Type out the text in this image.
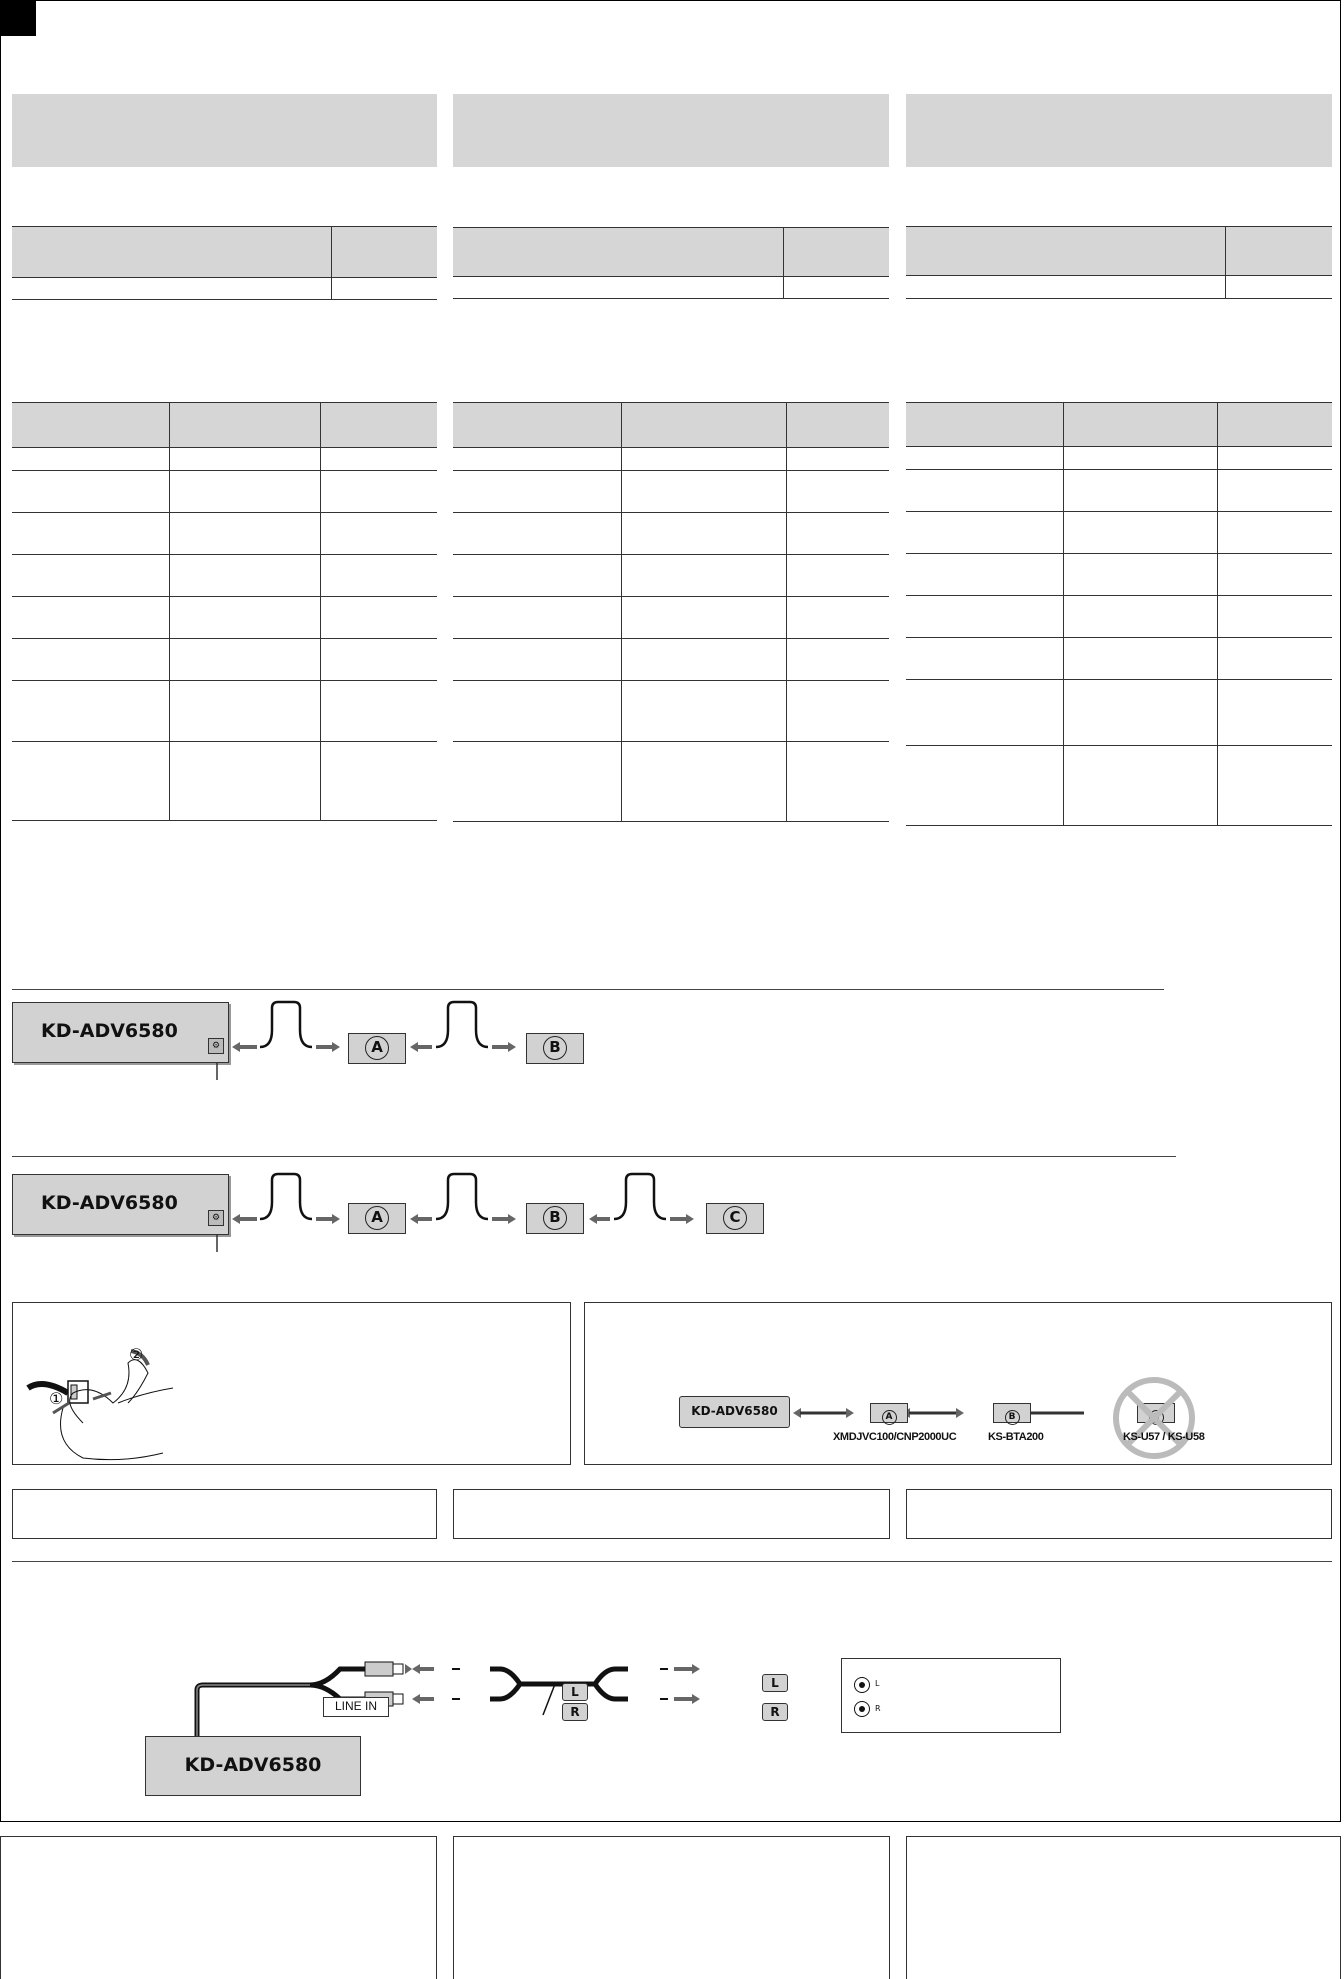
KD-ADV6580
⚙	A	B
KD-ADV6580
⚙	A	B	C
②
①
KD-ADV6580	A	B
XMDJVC100/CNP2000UC	KS-BTA200	KS-U57 / KS-U58
LINE IN
KD-ADV6580
L
R
L
R
L
R
